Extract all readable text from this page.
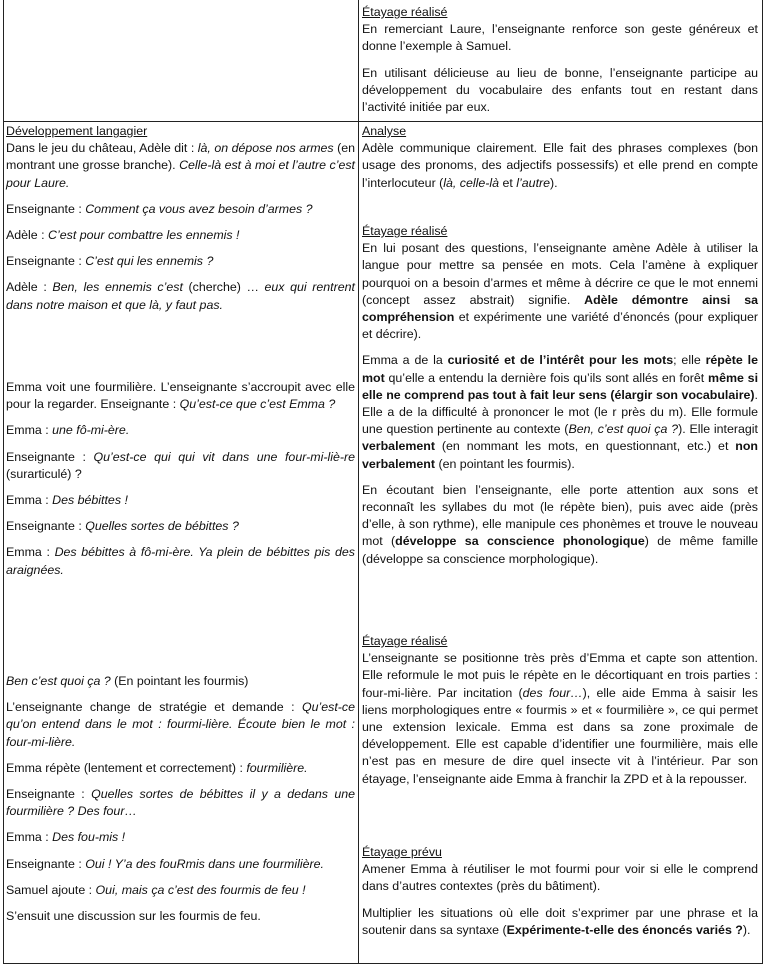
Étayage réalisé

En remerciant Laure, l’enseignante renforce son geste généreux et donne l’exemple à Samuel.

En utilisant délicieuse au lieu de bonne, l’enseignante participe au développement du vocabulaire des enfants tout en restant dans l’activité initiée par eux.

Développement langagier

Dans le jeu du château, Adèle dit : là, on dépose nos armes (en montrant une grosse branche). Celle-là est à moi et l’autre c’est pour Laure.

Enseignante : Comment ça vous avez besoin d’armes ?

Adèle : C’est pour combattre les ennemis !

Enseignante : C’est qui les ennemis ?

Adèle : Ben, les ennemis c’est (cherche) … eux qui rentrent dans notre maison et que là, y faut pas.

Emma voit une fourmilière. L’enseignante s’accroupit avec elle pour la regarder. Enseignante : Qu’est-ce que c’est Emma ?

Emma : une fô-mi-ère.

Enseignante : Qu’est-ce qui qui vit dans une four-mi-liè-re (surarticulé) ?

Emma : Des bébittes !

Enseignante : Quelles sortes de bébittes ?

Emma : Des bébittes à fô-mi-ère. Ya plein de bébittes pis des araignées.

Ben c’est quoi ça ? (En pointant les fourmis)

L’enseignante change de stratégie et demande : Qu’est-ce qu’on entend dans le mot : fourmi-lière. Écoute bien le mot : four-mi-lière.

Emma répète (lentement et correctement) : fourmilière.

Enseignante : Quelles sortes de bébittes il y a dedans une fourmilière ? Des four…

Emma : Des fou-mis !

Enseignante : Oui ! Y’a des fouRmis dans une fourmilière.

Samuel ajoute : Oui, mais ça c’est des fourmis de feu !

S’ensuit une discussion sur les fourmis de feu.

Analyse

Adèle communique clairement. Elle fait des phrases complexes (bon usage des pronoms, des adjectifs possessifs) et elle prend en compte l’interlocuteur (là, celle-là et l’autre).

Étayage réalisé

En lui posant des questions, l’enseignante amène Adèle à utiliser la langue pour mettre sa pensée en mots. Cela l’amène à expliquer pourquoi on a besoin d’armes et même à décrire ce que le mot ennemi (concept assez abstrait) signifie. Adèle démontre ainsi sa compréhension et expérimente une variété d’énoncés (pour expliquer et décrire).

Emma a de la curiosité et de l’intérêt pour les mots; elle répète le mot qu’elle a entendu la dernière fois qu’ils sont allés en forêt même si elle ne comprend pas tout à fait leur sens (élargir son vocabulaire). Elle a de la difficulté à prononcer le mot (le r près du m). Elle formule une question pertinente au contexte (Ben, c’est quoi ça ?). Elle interagit verbalement (en nommant les mots, en questionnant, etc.) et non verbalement (en pointant les fourmis).

En écoutant bien l’enseignante, elle porte attention aux sons et reconnaît les syllabes du mot (le répète bien), puis avec aide (près d’elle, à son rythme), elle manipule ces phonèmes et trouve le nouveau mot (développe sa conscience phonologique) de même famille (développe sa conscience morphologique).

Étayage réalisé

L’enseignante se positionne très près d’Emma et capte son attention. Elle reformule le mot puis le répète en le décortiquant en trois parties : four-mi-lière. Par incitation (des four…), elle aide Emma à saisir les liens morphologiques entre « fourmis » et « fourmilière », ce qui permet une extension lexicale. Emma est dans sa zone proximale de développement. Elle est capable d’identifier une fourmilière, mais elle n’est pas en mesure de dire quel insecte vit à l’intérieur. Par son étayage, l’enseignante aide Emma à franchir la ZPD et à la repousser.

Étayage prévu

Amener Emma à réutiliser le mot fourmi pour voir si elle le comprend dans d’autres contextes (près du bâtiment).

Multiplier les situations où elle doit s’exprimer par une phrase et la soutenir dans sa syntaxe (Expérimente-t-elle des énoncés variés ?).
